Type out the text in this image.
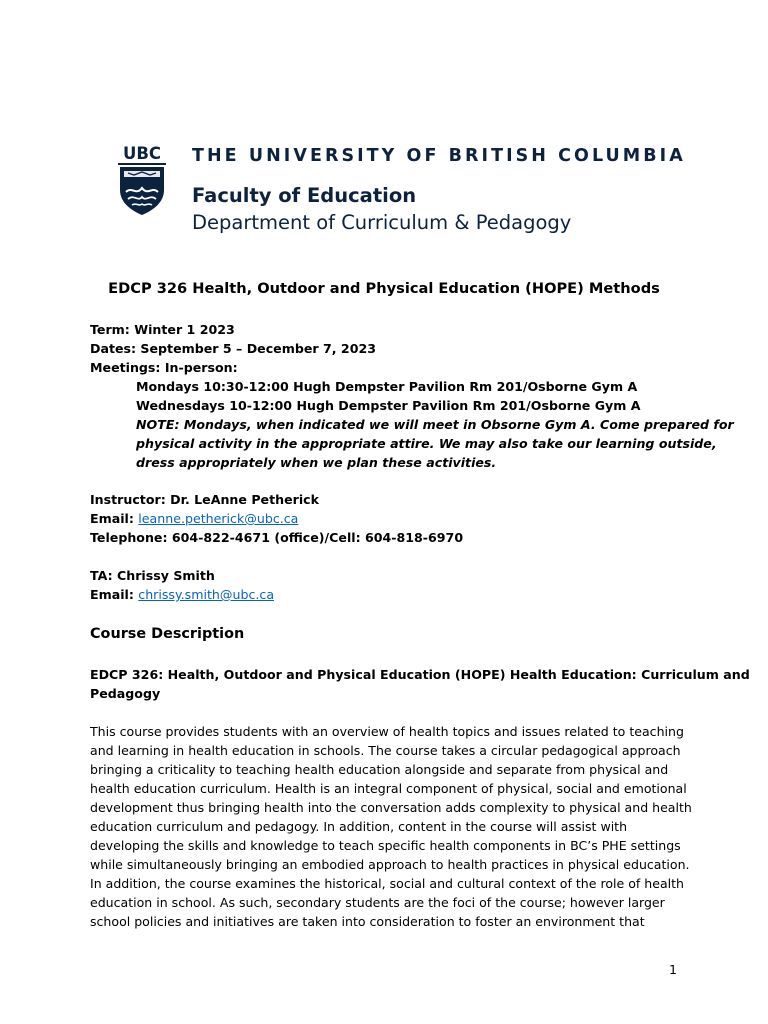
UBC THE UNIVERSITY OF BRITISH COLUMBIA
Faculty of Education
Department of Curriculum & Pedagogy
EDCP 326 Health, Outdoor and Physical Education (HOPE) Methods
Term: Winter 1 2023
Dates: September 5 – December 7, 2023
Meetings: In-person:
Mondays 10:30-12:00 Hugh Dempster Pavilion Rm 201/Osborne Gym A
Wednesdays 10-12:00 Hugh Dempster Pavilion Rm 201/Osborne Gym A
NOTE: Mondays, when indicated we will meet in Obsorne Gym A. Come prepared for
physical activity in the appropriate attire. We may also take our learning outside,
dress appropriately when we plan these activities.
Instructor: Dr. LeAnne Petherick
Email: leanne.petherick@ubc.ca
Telephone: 604-822-4671 (office)/Cell: 604-818-6970
TA: Chrissy Smith
Email: chrissy.smith@ubc.ca
Course Description
EDCP 326: Health, Outdoor and Physical Education (HOPE) Health Education: Curriculum and
Pedagogy
This course provides students with an overview of health topics and issues related to teaching
and learning in health education in schools. The course takes a circular pedagogical approach
bringing a criticality to teaching health education alongside and separate from physical and
health education curriculum. Health is an integral component of physical, social and emotional
development thus bringing health into the conversation adds complexity to physical and health
education curriculum and pedagogy. In addition, content in the course will assist with
developing the skills and knowledge to teach specific health components in BC’s PHE settings
while simultaneously bringing an embodied approach to health practices in physical education.
In addition, the course examines the historical, social and cultural context of the role of health
education in school. As such, secondary students are the foci of the course; however larger
school policies and initiatives are taken into consideration to foster an environment that
1
